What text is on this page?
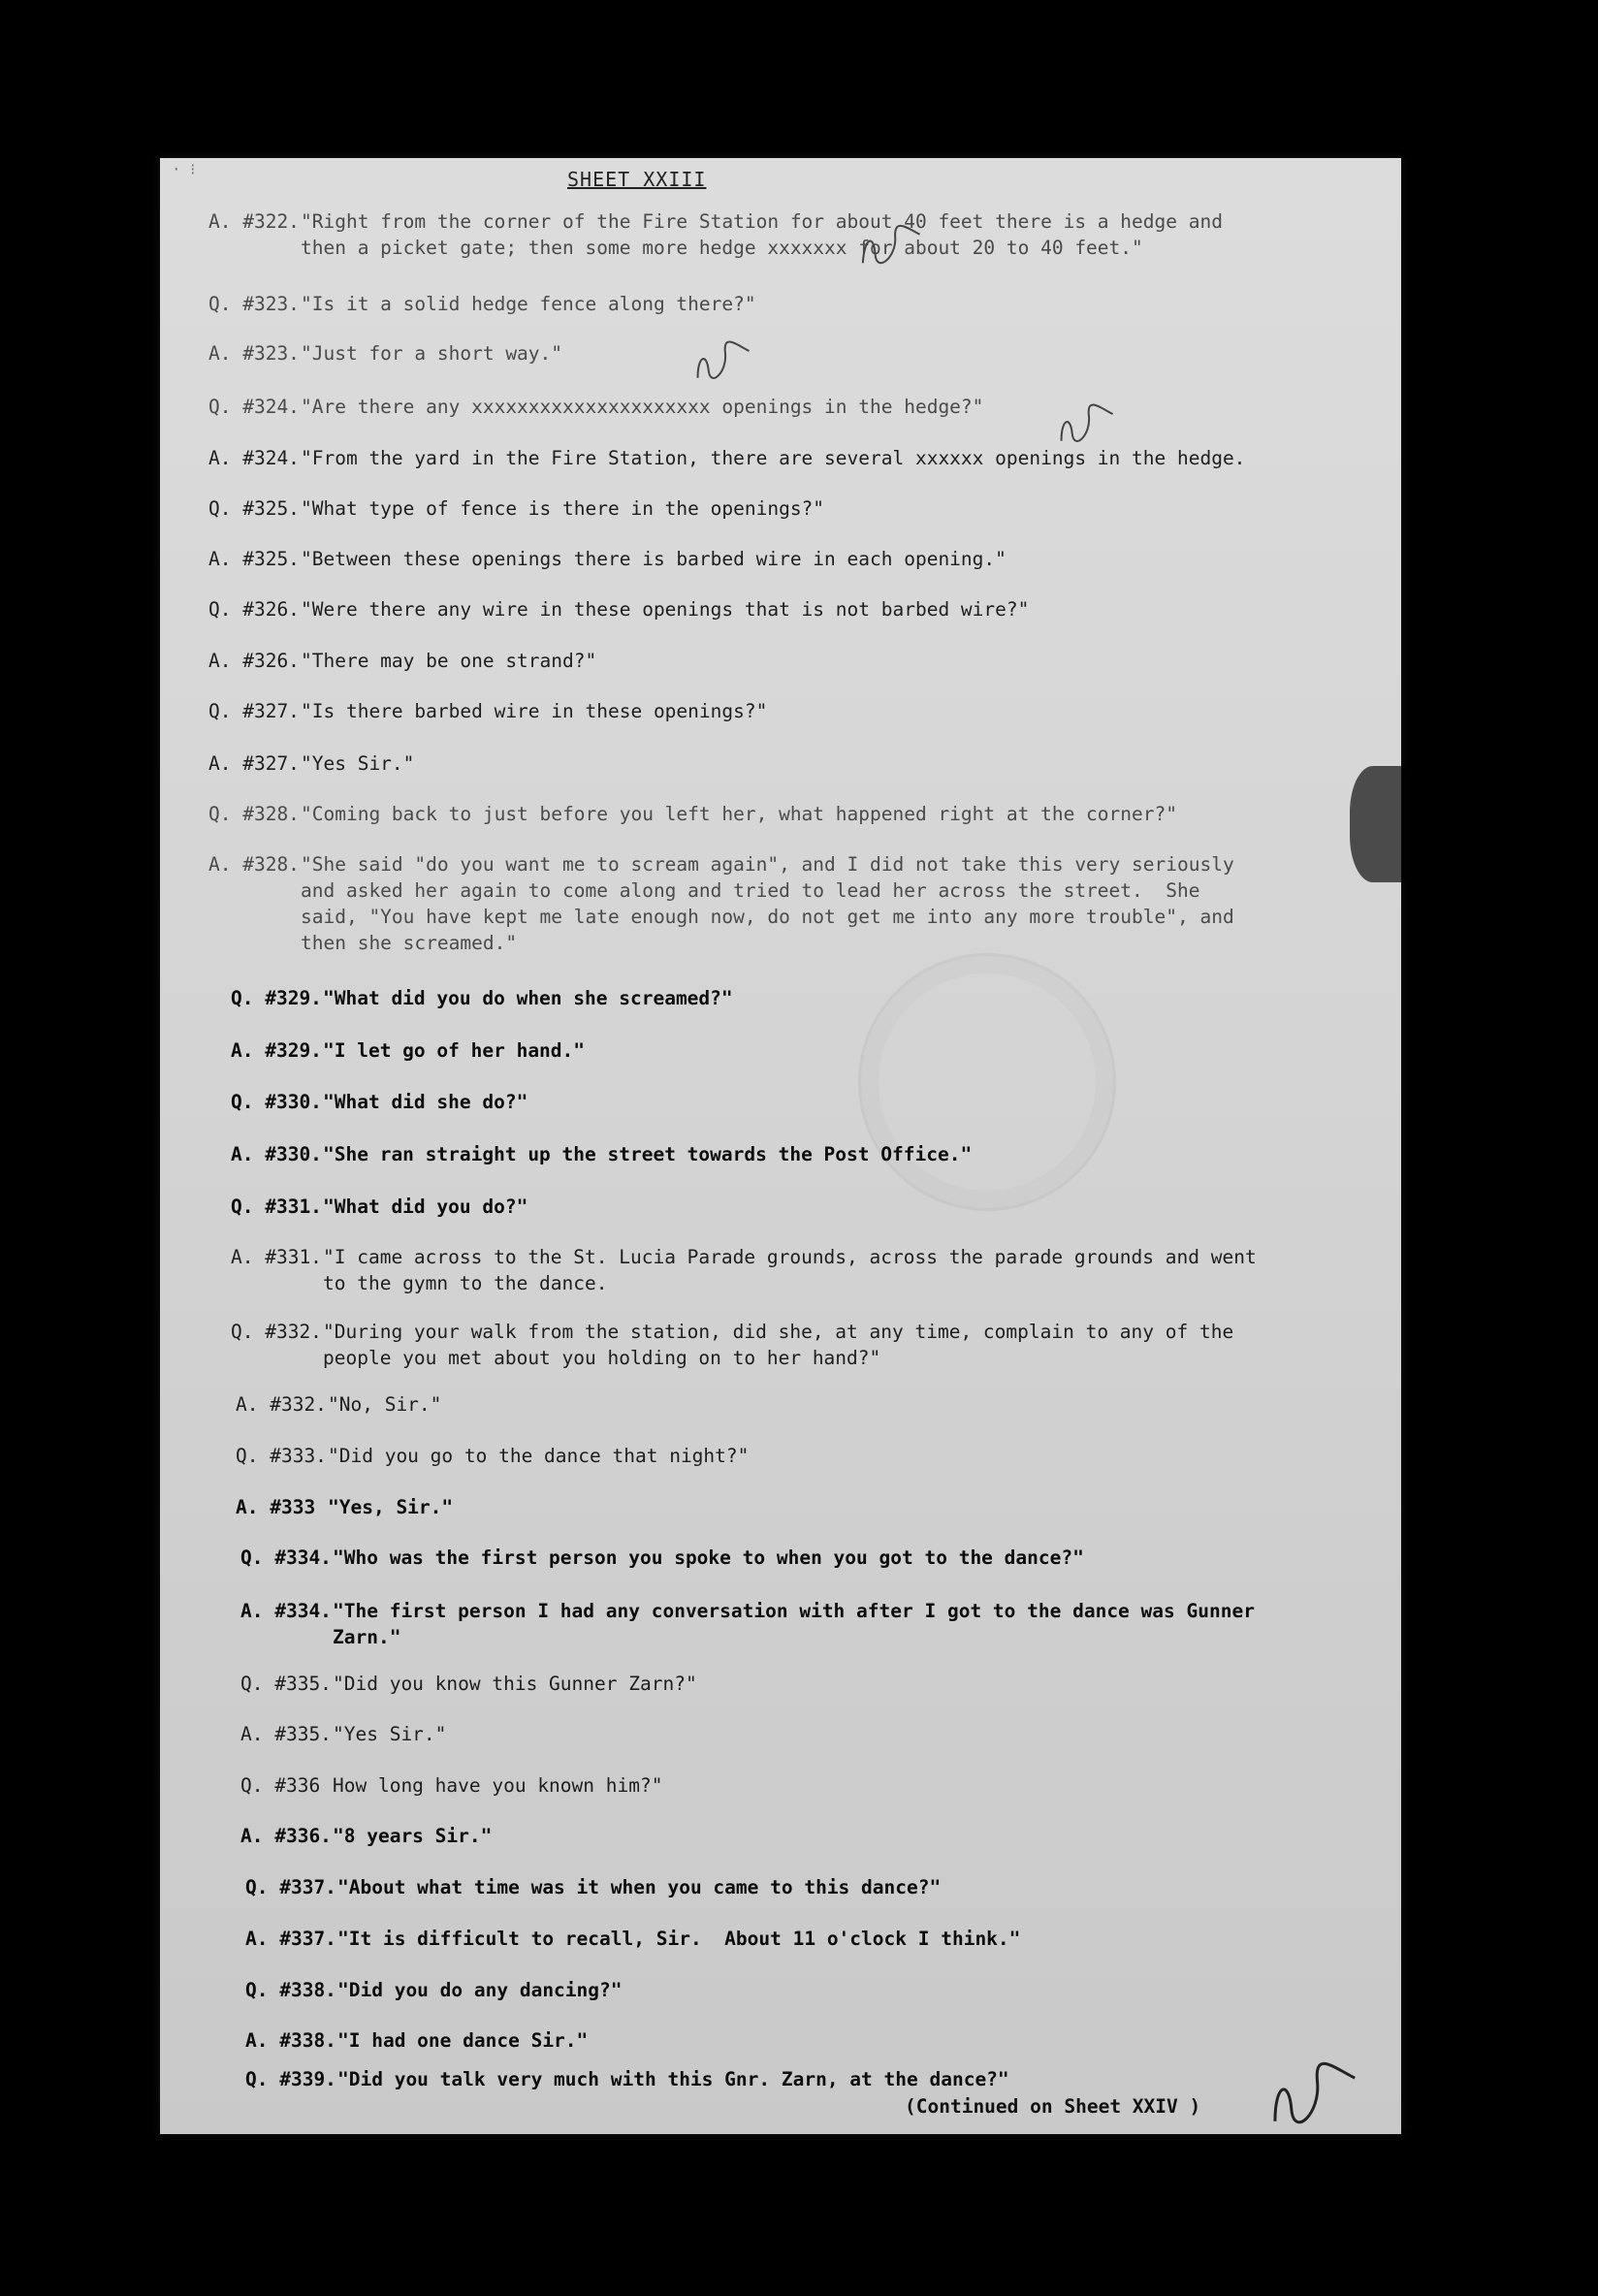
· ⁝	SHEET XXIII
A. #322. "Right from the corner of the Fire Station for about 40 feet there is a hedge and
then a picket gate; then some more hedge xxxxxxx for about 20 to 40 feet."
Q. #323. "Is it a solid hedge fence along there?"
A. #323. "Just for a short way."
Q. #324. "Are there any xxxxxxxxxxxxxxxxxxxxx openings in the hedge?"
A. #324. "From the yard in the Fire Station, there are several xxxxxx openings in the hedge.
Q. #325. "What type of fence is there in the openings?"
A. #325. "Between these openings there is barbed wire in each opening."
Q. #326. "Were there any wire in these openings that is not barbed wire?"
A. #326. "There may be one strand?"
Q. #327. "Is there barbed wire in these openings?"
A. #327. "Yes Sir."
Q. #328. "Coming back to just before you left her, what happened right at the corner?"
A. #328. "She said "do you want me to scream again", and I did not take this very seriously
and asked her again to come along and tried to lead her across the street.  She
said, "You have kept me late enough now, do not get me into any more trouble", and
then she screamed."
Q. #329. "What did you do when she screamed?"
A. #329. "I let go of her hand."
Q. #330. "What did she do?"
A. #330. "She ran straight up the street towards the Post Office."
Q. #331. "What did you do?"
A. #331. "I came across to the St. Lucia Parade grounds, across the parade grounds and went
to the gymn to the dance.
Q. #332. "During your walk from the station, did she, at any time, complain to any of the
people you met about you holding on to her hand?"
A. #332. "No, Sir."
Q. #333. "Did you go to the dance that night?"
A. #333 "Yes, Sir."
Q. #334. "Who was the first person you spoke to when you got to the dance?"
A. #334. "The first person I had any conversation with after I got to the dance was Gunner
Zarn."
Q. #335. "Did you know this Gunner Zarn?"
A. #335. "Yes Sir."
Q. #336 How long have you known him?"
A. #336. "8 years Sir."
Q. #337. "About what time was it when you came to this dance?"
A. #337. "It is difficult to recall, Sir.  About 11 o'clock I think."
Q. #338. "Did you do any dancing?"
A. #338. "I had one dance Sir."
Q. #339. "Did you talk very much with this Gnr. Zarn, at the dance?"
(Continued on Sheet XXIV )
